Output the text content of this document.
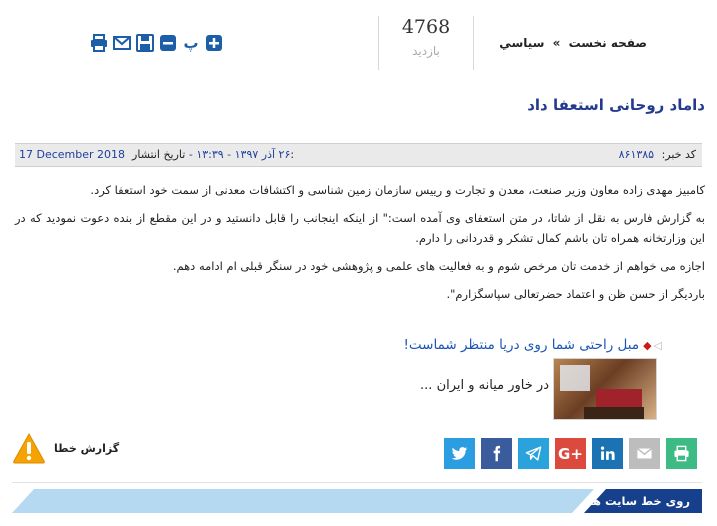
صفحه نخست » سياسي
4768
بازدید
پ
داماد روحانی استعفا داد
کد خبر: ۸۶۱۳۸۵
17 December 2018	۲۶ آذر ۱۳۹۷ - ۱۳:۳۹ - تاریخ انتشار:

کامبیز مهدی زاده معاون وزیر صنعت، معدن و تجارت و رییس سازمان زمین شناسی و اکتشافات معدنی از سمت خود استعفا کرد.

به گزارش فارس به نقل از شاتا، در متن استعفای وی آمده است:" از اینکه اینجانب را قابل دانستید و در این مقطع از بنده دعوت نمودید که در این وزارتخانه همراه تان باشم کمال تشکر و قدردانی را دارم.

اجازه می خواهم از خدمت تان مرخص شوم و به فعالیت های علمی و پژوهشی خود در سنگر قبلی ام ادامه دهم.

باردیگر از حسن ظن و اعتماد حضرتعالی سپاسگزارم".

◁◆مبل راحتی شما روی دریا منتظر شماست!
در خاور میانه و ایران ...
گزارش خطا	G+
روی خط سایت ها
